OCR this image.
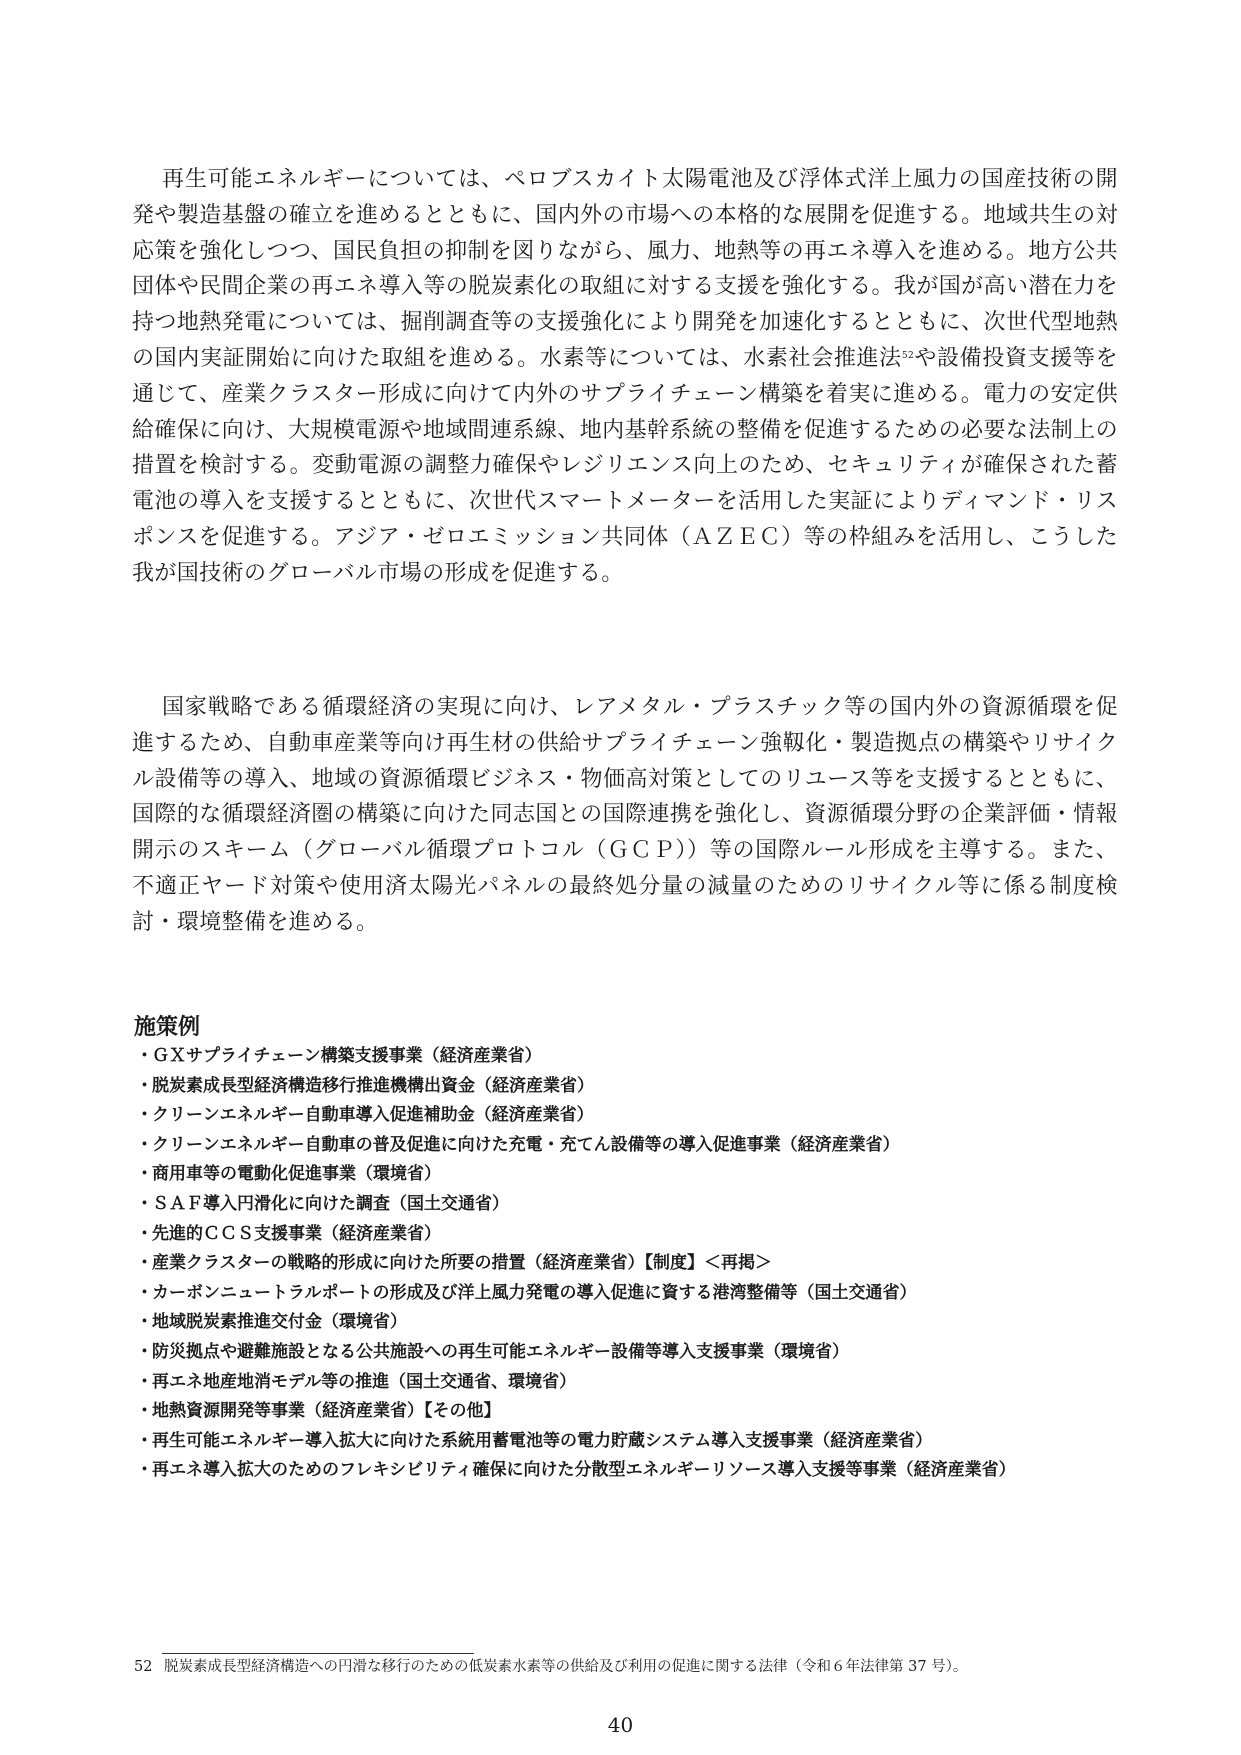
再生可能エネルギーについては、ペロブスカイト太陽電池及び浮体式洋上風力の国産技術の開発や製造基盤の確立を進めるとともに、国内外の市場への本格的な展開を促進する。地域共生の対応策を強化しつつ、国民負担の抑制を図りながら、風力、地熱等の再エネ導入を進める。地方公共団体や民間企業の再エネ導入等の脱炭素化の取組に対する支援を強化する。我が国が高い潜在力を持つ地熱発電については、掘削調査等の支援強化により開発を加速化するとともに、次世代型地熱の国内実証開始に向けた取組を進める。水素等については、水素社会推進法$^{52}$や設備投資支援等を通じて、産業クラスター形成に向けて内外のサプライチェーン構築を着実に進める。電力の安定供給確保に向け、大規模電源や地域間連系線、地内基幹系統の整備を促進するための必要な法制上の措置を検討する。変動電源の調整力確保やレジリエンス向上のため、セキュリティが確保された蓄電池の導入を支援するとともに、次世代スマートメーターを活用した実証によりディマンド・リスポンスを促進する。アジア・ゼロエミッション共同体（ＡＺＥＣ）等の枠組みを活用し、こうした我が国技術のグローバル市場の形成を促進する。

国家戦略である循環経済の実現に向け、レアメタル・プラスチック等の国内外の資源循環を促進するため、自動車産業等向け再生材の供給サプライチェーン強靱化・製造拠点の構築やリサイクル設備等の導入、地域の資源循環ビジネス・物価高対策としてのリユース等を支援するとともに、国際的な循環経済圏の構築に向けた同志国との国際連携を強化し、資源循環分野の企業評価・情報開示のスキーム（グローバル循環プロトコル（ＧＣＰ））等の国際ルール形成を主導する。また、不適正ヤード対策や使用済太陽光パネルの最終処分量の減量のためのリサイクル等に係る制度検討・環境整備を進める。

施策例
・ ＧＸサプライチェーン構築支援事業（経済産業省）
・ 脱炭素成長型経済構造移行推進機構出資金（経済産業省）
・ クリーンエネルギー自動車導入促進補助金（経済産業省）
・ クリーンエネルギー自動車の普及促進に向けた充電・充てん設備等の導入促進事業（経済産業省）
・ 商用車等の電動化促進事業（環境省）
・ ＳＡＦ導入円滑化に向けた調査（国土交通省）
・ 先進的ＣＣＳ支援事業（経済産業省）
・ 産業クラスターの戦略的形成に向けた所要の措置（経済産業省）【制度】＜再掲＞
・ カーボンニュートラルポートの形成及び洋上風力発電の導入促進に資する港湾整備等（国土交通省）
・ 地域脱炭素推進交付金（環境省）
・ 防災拠点や避難施設となる公共施設への再生可能エネルギー設備等導入支援事業（環境省）
・ 再エネ地産地消モデル等の推進（国土交通省、環境省）
・ 地熱資源開発等事業（経済産業省）【その他】
・ 再生可能エネルギー導入拡大に向けた系統用蓄電池等の電力貯蔵システム導入支援事業（経済産業省）
・ 再エネ導入拡大のためのフレキシビリティ確保に向けた分散型エネルギーリソース導入支援等事業（経済産業省）

52 脱炭素成長型経済構造への円滑な移行のための低炭素水素等の供給及び利用の促進に関する法律（令和６年法律第 37 号）。

40
